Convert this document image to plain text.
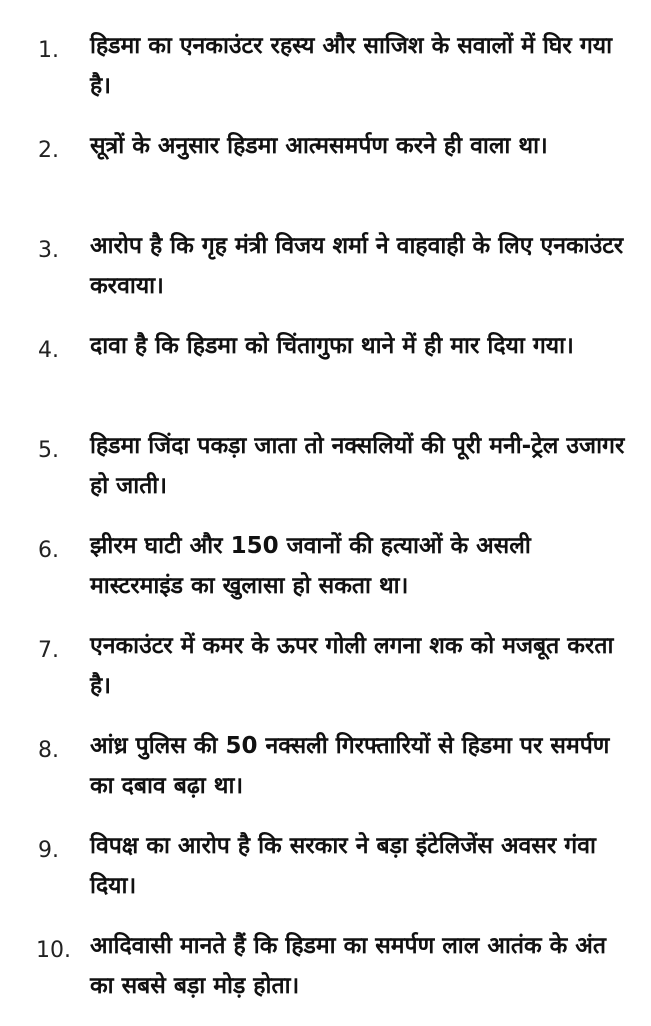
1.	हिडमा का एनकाउंटर रहस्य और साजिश के सवालों में घिर गया है।
2.	सूत्रों के अनुसार हिडमा आत्मसमर्पण करने ही वाला था।
3.	आरोप है कि गृह मंत्री विजय शर्मा ने वाहवाही के लिए एनकाउंटर करवाया।
4.	दावा है कि हिडमा को चिंतागुफा थाने में ही मार दिया गया।
5.	हिडमा जिंदा पकड़ा जाता तो नक्सलियों की पूरी मनी-ट्रेल उजागर हो जाती।
6.	झीरम घाटी और 150 जवानों की हत्याओं के असली मास्टरमाइंड का खुलासा हो सकता था।
7.	एनकाउंटर में कमर के ऊपर गोली लगना शक को मजबूत करता है।
8.	आंध्र पुलिस की 50 नक्सली गिरफ्तारियों से हिडमा पर समर्पण का दबाव बढ़ा था।
9.	विपक्ष का आरोप है कि सरकार ने बड़ा इंटेलिजेंस अवसर गंवा दिया।
10. आदिवासी मानते हैं कि हिडमा का समर्पण लाल आतंक के अंत का सबसे बड़ा मोड़ होता।
